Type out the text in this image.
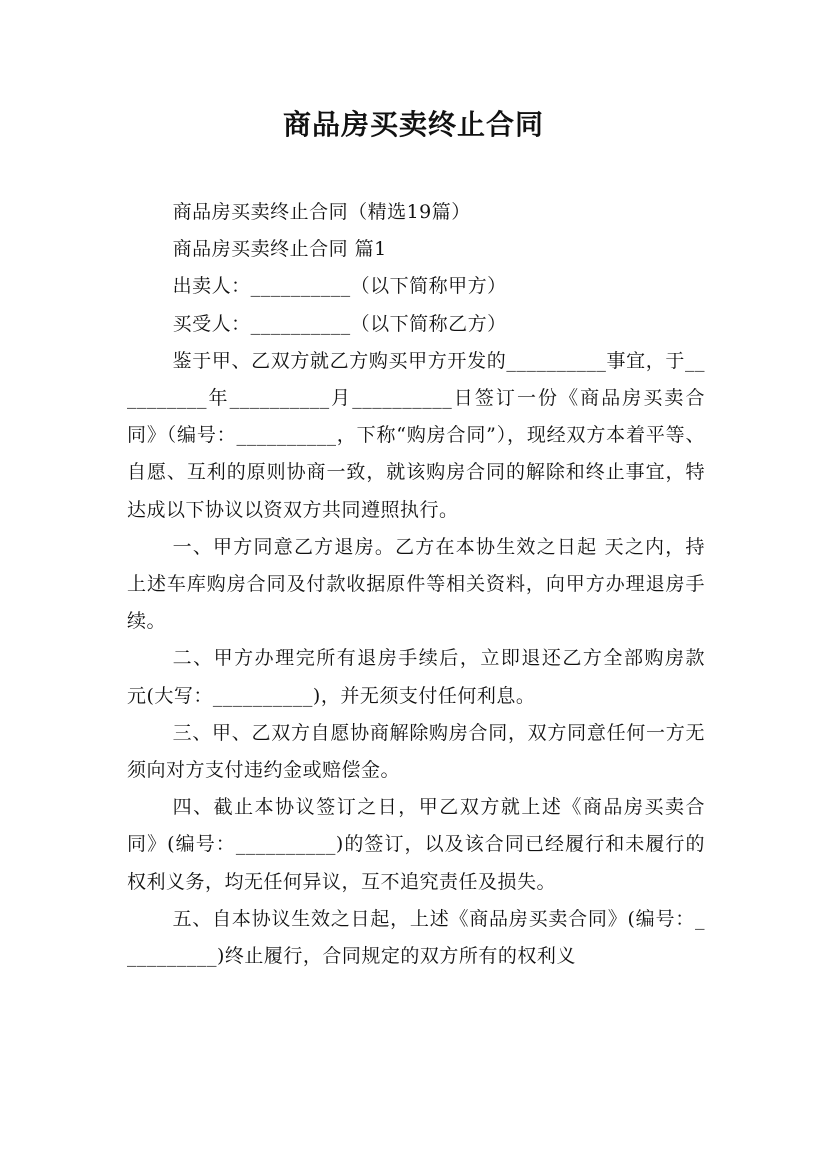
商品房买卖终止合同

商品房买卖终止合同（精选19篇）

商品房买卖终止合同 篇1

出卖人：__________（以下简称甲方）

买受人：__________（以下简称乙方）

鉴于甲、乙双方就乙方购买甲方开发的__________事宜，于__________年__________月__________日签订一份《商品房买卖合同》（编号：__________，下称“购房合同”），现经双方本着平等、自愿、互利的原则协商一致，就该购房合同的解除和终止事宜，特达成以下协议以资双方共同遵照执行。

一、甲方同意乙方退房。乙方在本协生效之日起 天之内，持上述车库购房合同及付款收据原件等相关资料，向甲方办理退房手续。

二、甲方办理完所有退房手续后，立即退还乙方全部购房款 元(大写：__________)，并无须支付任何利息。

三、甲、乙双方自愿协商解除购房合同，双方同意任何一方无须向对方支付违约金或赔偿金。

四、截止本协议签订之日，甲乙双方就上述《商品房买卖合同》(编号：__________)的签订，以及该合同已经履行和未履行的权利义务，均无任何异议，互不追究责任及损失。

五、自本协议生效之日起，上述《商品房买卖合同》(编号：__________)终止履行，合同规定的双方所有的权利义
